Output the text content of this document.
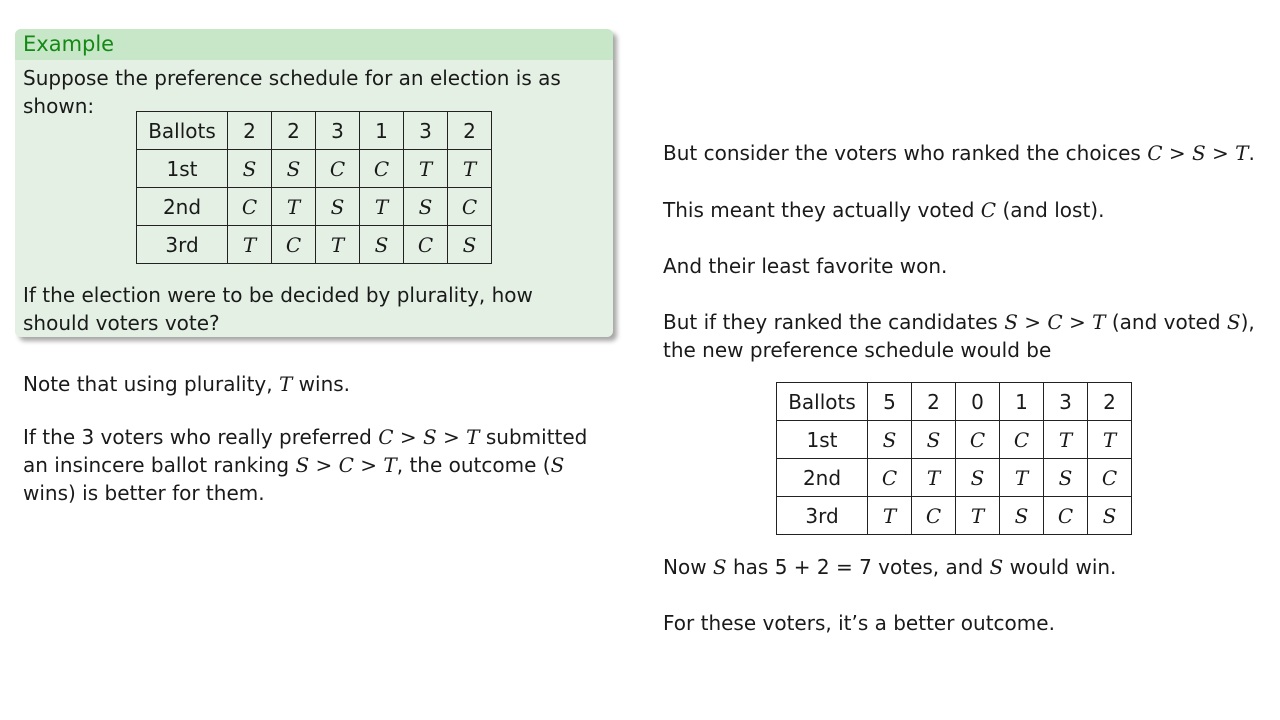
Example

Suppose the preference schedule for an election is as shown:

Ballots	2	2	3	1	3	2
1st	S	S	C	C	T	T
2nd	C	T	S	T	S	C
3rd	T	C	T	S	C	S

If the election were to be decided by plurality, how should voters vote?

Note that using plurality, T wins.

If the 3 voters who really preferred C > S > T submitted an insincere ballot ranking S > C > T, the outcome (S wins) is better for them.

But consider the voters who ranked the choices C > S > T.

This meant they actually voted C (and lost).

And their least favorite won.

But if they ranked the candidates S > C > T (and voted S),
the new preference schedule would be

Ballots	5	2	0	1	3	2
1st	S	S	C	C	T	T
2nd	C	T	S	T	S	C
3rd	T	C	T	S	C	S

Now S has 5 + 2 = 7 votes, and S would win.

For these voters, it’s a better outcome.
